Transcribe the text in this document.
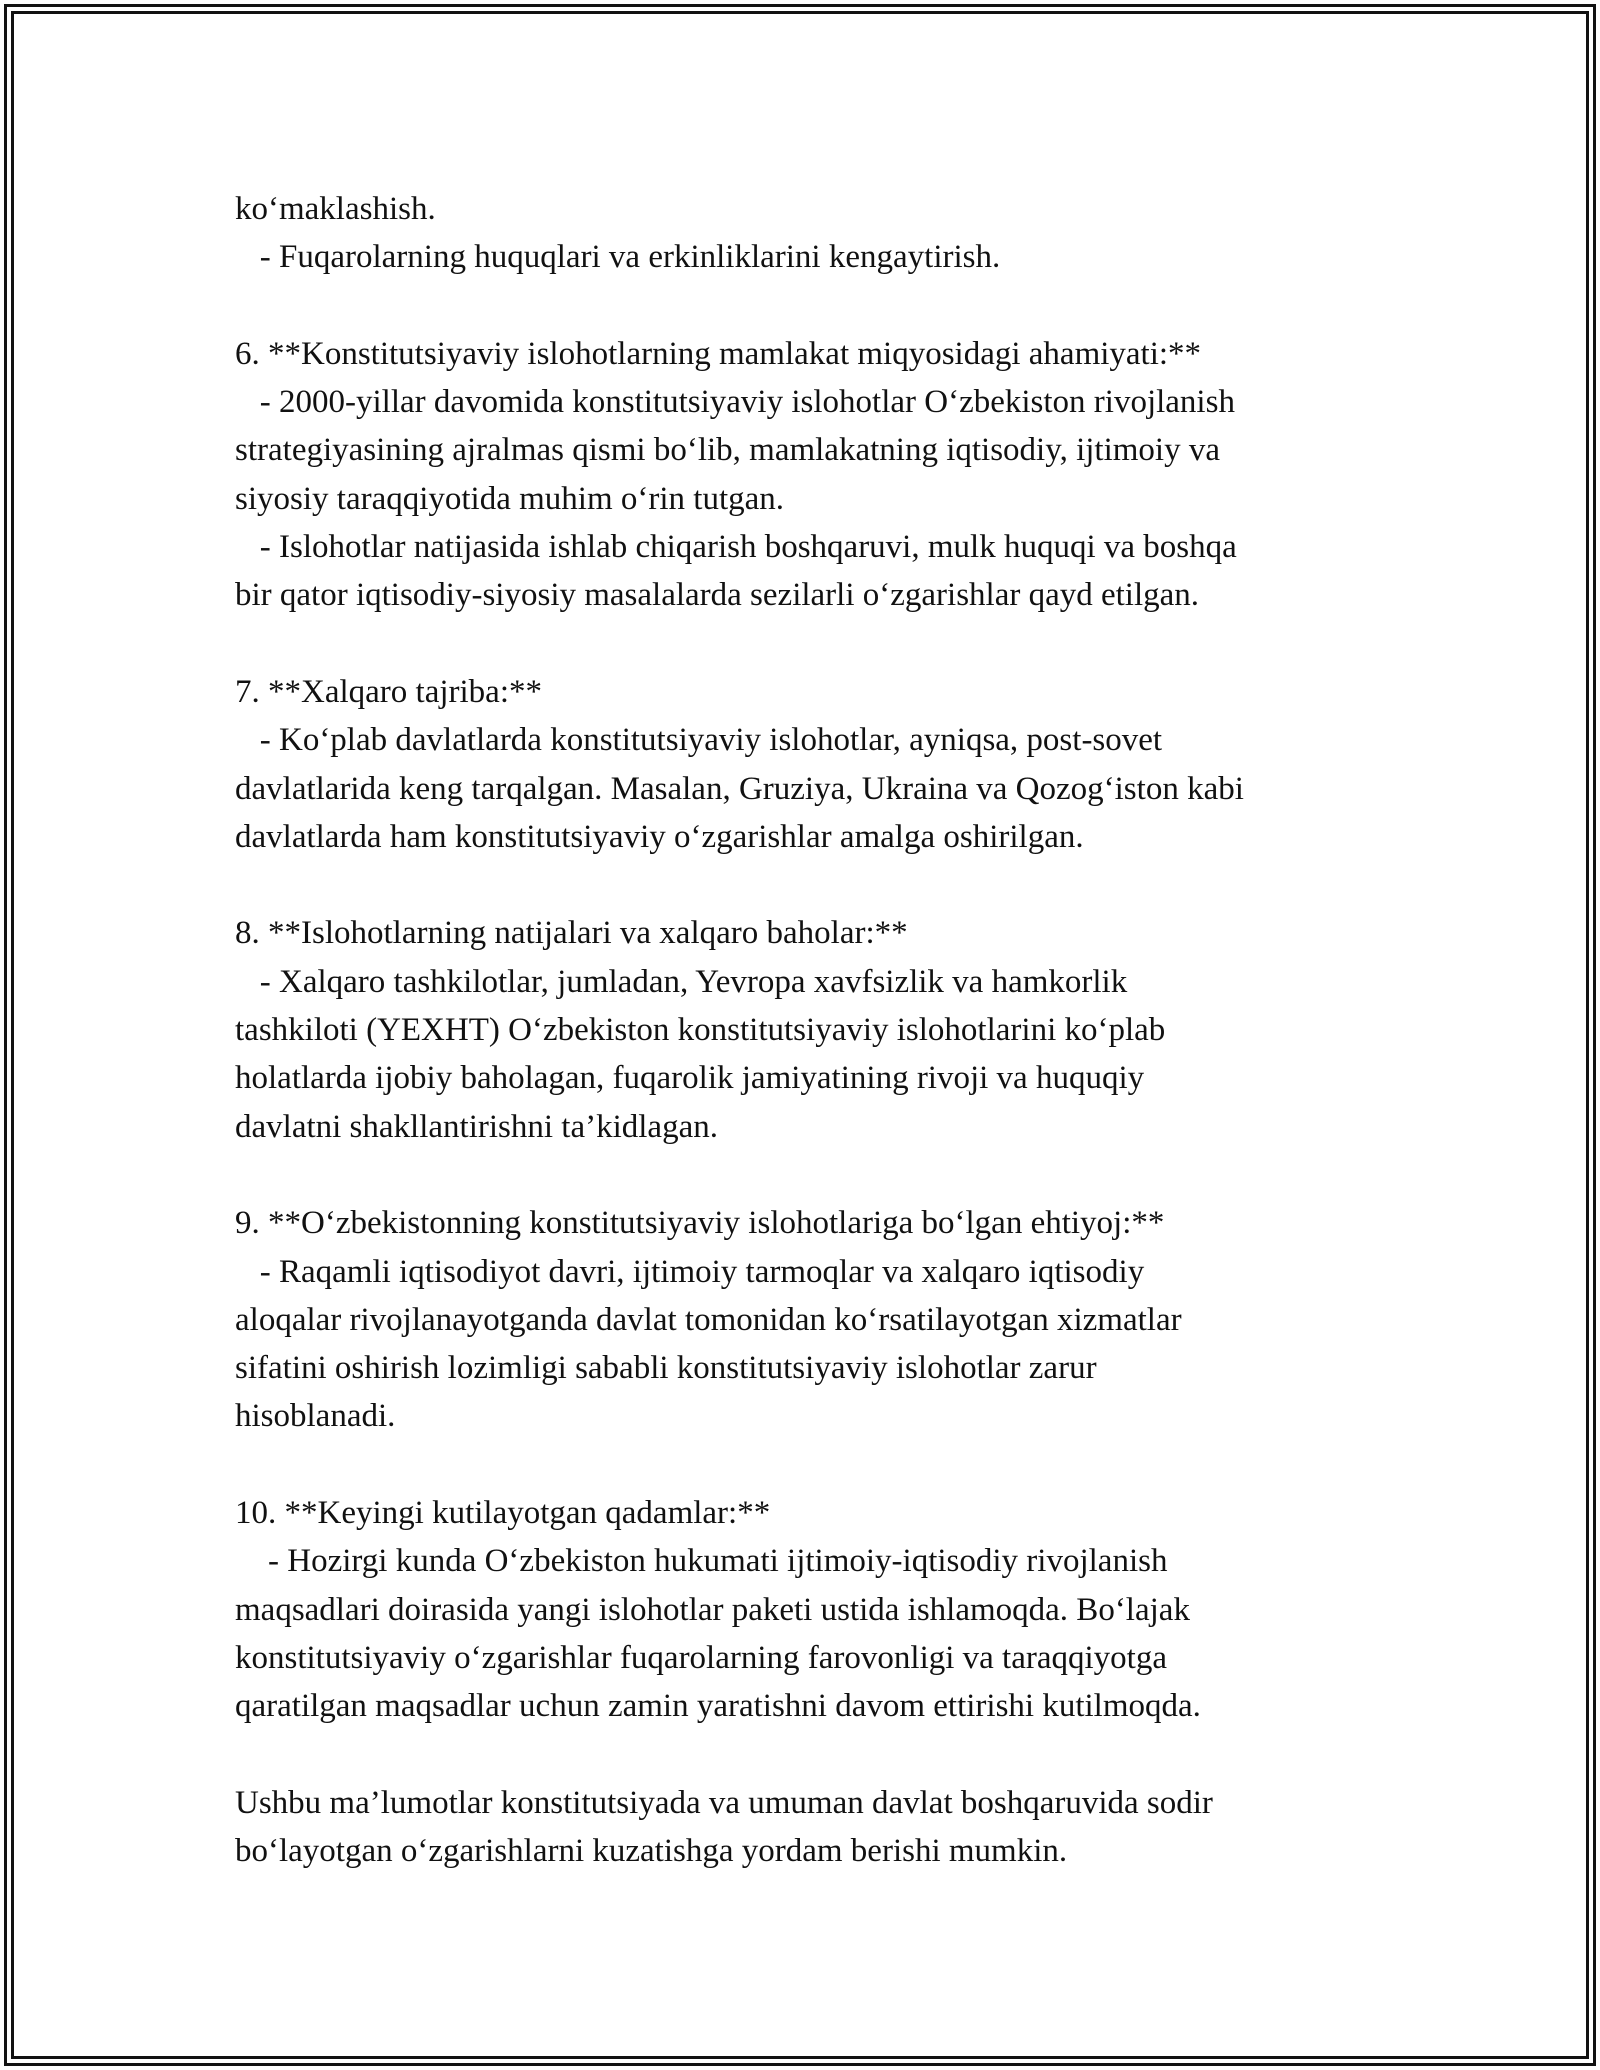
ko‘maklashish.
- Fuqarolarning huquqlari va erkinliklarini kengaytirish.
6. **Konstitutsiyaviy islohotlarning mamlakat miqyosidagi ahamiyati:**
- 2000-yillar davomida konstitutsiyaviy islohotlar O‘zbekiston rivojlanish
strategiyasining ajralmas qismi bo‘lib, mamlakatning iqtisodiy, ijtimoiy va
siyosiy taraqqiyotida muhim o‘rin tutgan.
- Islohotlar natijasida ishlab chiqarish boshqaruvi, mulk huquqi va boshqa
bir qator iqtisodiy-siyosiy masalalarda sezilarli o‘zgarishlar qayd etilgan.
7. **Xalqaro tajriba:**
- Ko‘plab davlatlarda konstitutsiyaviy islohotlar, ayniqsa, post-sovet
davlatlarida keng tarqalgan. Masalan, Gruziya, Ukraina va Qozog‘iston kabi
davlatlarda ham konstitutsiyaviy o‘zgarishlar amalga oshirilgan.
8. **Islohotlarning natijalari va xalqaro baholar:**
- Xalqaro tashkilotlar, jumladan, Yevropa xavfsizlik va hamkorlik
tashkiloti (YEXHT) O‘zbekiston konstitutsiyaviy islohotlarini ko‘plab
holatlarda ijobiy baholagan, fuqarolik jamiyatining rivoji va huquqiy
davlatni shakllantirishni ta’kidlagan.
9. **O‘zbekistonning konstitutsiyaviy islohotlariga bo‘lgan ehtiyoj:**
- Raqamli iqtisodiyot davri, ijtimoiy tarmoqlar va xalqaro iqtisodiy
aloqalar rivojlanayotganda davlat tomonidan ko‘rsatilayotgan xizmatlar
sifatini oshirish lozimligi sababli konstitutsiyaviy islohotlar zarur
hisoblanadi.
10. **Keyingi kutilayotgan qadamlar:**
- Hozirgi kunda O‘zbekiston hukumati ijtimoiy-iqtisodiy rivojlanish
maqsadlari doirasida yangi islohotlar paketi ustida ishlamoqda. Bo‘lajak
konstitutsiyaviy o‘zgarishlar fuqarolarning farovonligi va taraqqiyotga
qaratilgan maqsadlar uchun zamin yaratishni davom ettirishi kutilmoqda.
Ushbu ma’lumotlar konstitutsiyada va umuman davlat boshqaruvida sodir
bo‘layotgan o‘zgarishlarni kuzatishga yordam berishi mumkin.
